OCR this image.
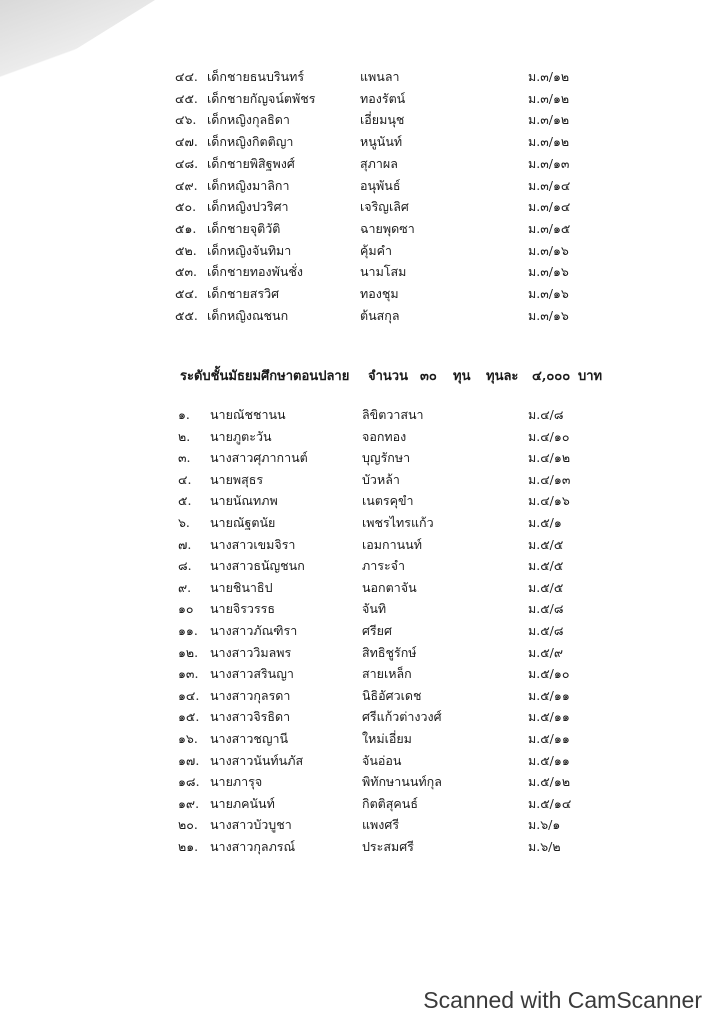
๔๔. เด็กชายธนบรินทร์	แพนลา	ม.๓/๑๒
๔๕. เด็กชายกัญจน์ตพัชร	ทองรัตน์	ม.๓/๑๒
๔๖. เด็กหญิงกุลธิดา	เอี่ยมนุช	ม.๓/๑๒
๔๗. เด็กหญิงกิตติญา	หนูนันท์	ม.๓/๑๒
๔๘. เด็กชายพิสิฐพงศ์	สุภาผล	ม.๓/๑๓
๔๙. เด็กหญิงมาลิกา	อนุพันธ์	ม.๓/๑๔
๕๐. เด็กหญิงปวริศา	เจริญเลิศ	ม.๓/๑๔
๕๑. เด็กชายจุติวัติ	ฉายพุดซา	ม.๓/๑๕
๕๒. เด็กหญิงจันทิมา	คุ้มคำ	ม.๓/๑๖
๕๓. เด็กชายทองพันชั่ง	นามโสม	ม.๓/๑๖
๕๔. เด็กชายสรวิศ	ทองชุม	ม.๓/๑๖
๕๕. เด็กหญิงณชนก	ต้นสกุล	ม.๓/๑๖
ระดับชั้นมัธยมศึกษาตอนปลาย จำนวน ๓๐ ทุน ทุนละ ๔,๐๐๐ บาท
๑.	นายณัชชานน	ลิขิตวาสนา	ม.๔/๘
๒.	นายภูตะวัน	จอกทอง	ม.๔/๑๐
๓.	นางสาวศุภากานต์	บุญรักษา	ม.๔/๑๒
๔.	นายพสุธร	บัวหล้า	ม.๔/๑๓
๕.	นายนัณทภพ	เนตรคุขำ	ม.๔/๑๖
๖.	นายณัฐตนัย	เพชรไทรแก้ว	ม.๕/๑
๗.	นางสาวเขมจิรา	เอมกานนท์	ม.๕/๕
๘.	นางสาวธนัญชนก	ภาระจำ	ม.๕/๕
๙.	นายชินาธิป	นอกตาจัน	ม.๕/๕
๑๐	นายจิรวรรธ	จันทิ	ม.๕/๘
๑๑. นางสาวภัณฑิรา	ศรียศ	ม.๕/๘
๑๒. นางสาววิมลพร	สิทธิชูรักษ์	ม.๕/๙
๑๓. นางสาวสรินญา	สายเหล็ก	ม.๕/๑๐
๑๔. นางสาวกุลรดา	นิธิอัศวเดช	ม.๕/๑๑
๑๕. นางสาวจิรธิดา	ศรีแก้วต่างวงศ์	ม.๕/๑๑
๑๖. นางสาวชญานี	ใหม่เอี่ยม	ม.๕/๑๑
๑๗. นางสาวนันท์นภัส	จันอ่อน	ม.๕/๑๑
๑๘. นายภารุจ	พิทักษานนท์กุล	ม.๕/๑๒
๑๙. นายภคนันท์	กิตติสุคนธ์	ม.๕/๑๔
๒๐. นางสาวบัวบูชา	แพงศรี	ม.๖/๑
๒๑. นางสาวกุลภรณ์	ประสมศรี	ม.๖/๒
Scanned with CamScanner
